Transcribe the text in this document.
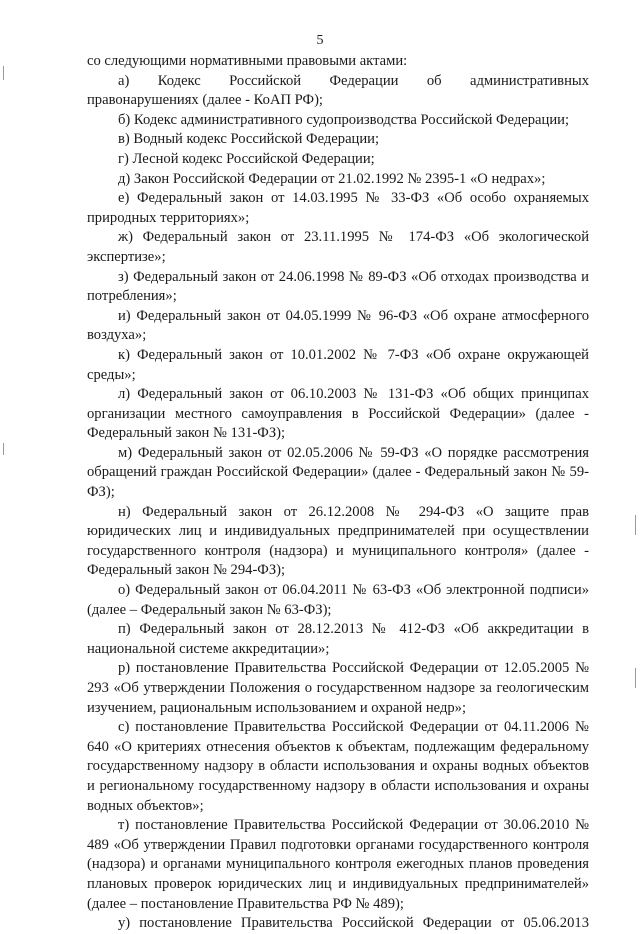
5

со следующими нормативными правовыми актами:

а)    Кодекс    Российской    Федерации    об    административных

правонарушениях (далее - КоАП РФ);

б) Кодекс административного судопроизводства Российской Федерации;

в) Водный кодекс Российской Федерации;

г) Лесной кодекс Российской Федерации;

д) Закон Российской Федерации от 21.02.1992 № 2395-1 «О недрах»;

е) Федеральный закон от 14.03.1995 № 33-ФЗ «Об особо охраняемых природных территориях»;

ж) Федеральный закон от 23.11.1995 № 174-ФЗ «Об экологической экспертизе»;

з) Федеральный закон от 24.06.1998 № 89-ФЗ «Об отходах производства и потребления»;

и) Федеральный закон от 04.05.1999 № 96-ФЗ «Об охране атмосферного воздуха»;

к) Федеральный закон от 10.01.2002 № 7-ФЗ «Об охране окружающей среды»;

л) Федеральный закон от 06.10.2003 № 131-ФЗ «Об общих принципах организации местного самоуправления в Российской Федерации» (далее - Федеральный закон № 131-ФЗ);

м) Федеральный закон от 02.05.2006 № 59-ФЗ «О порядке рассмотрения обращений граждан Российской Федерации» (далее - Федеральный закон № 59-ФЗ);

н) Федеральный закон от 26.12.2008 № 294-ФЗ «О защите прав юридических лиц и индивидуальных предпринимателей при осуществлении государственного контроля (надзора) и муниципального контроля» (далее - Федеральный закон № 294-ФЗ);

о) Федеральный закон от 06.04.2011 № 63-ФЗ «Об электронной подписи» (далее – Федеральный закон № 63-ФЗ);

п) Федеральный закон от 28.12.2013 № 412-ФЗ «Об аккредитации в национальной системе аккредитации»;

р) постановление Правительства Российской Федерации от 12.05.2005 № 293 «Об утверждении Положения о государственном надзоре за геологическим изучением, рациональным использованием и охраной недр»;

с) постановление Правительства Российской Федерации от 04.11.2006 № 640 «О критериях отнесения объектов к объектам, подлежащим федеральному государственному надзору в области использования и охраны водных объектов и региональному государственному надзору в области использования и охраны водных объектов»;

т) постановление Правительства Российской Федерации от 30.06.2010 № 489 «Об утверждении Правил подготовки органами государственного контроля (надзора) и органами муниципального контроля ежегодных планов проведения плановых проверок юридических лиц и индивидуальных предпринимателей» (далее – постановление Правительства РФ № 489);

у) постановление Правительства Российской Федерации от 05.06.2013
